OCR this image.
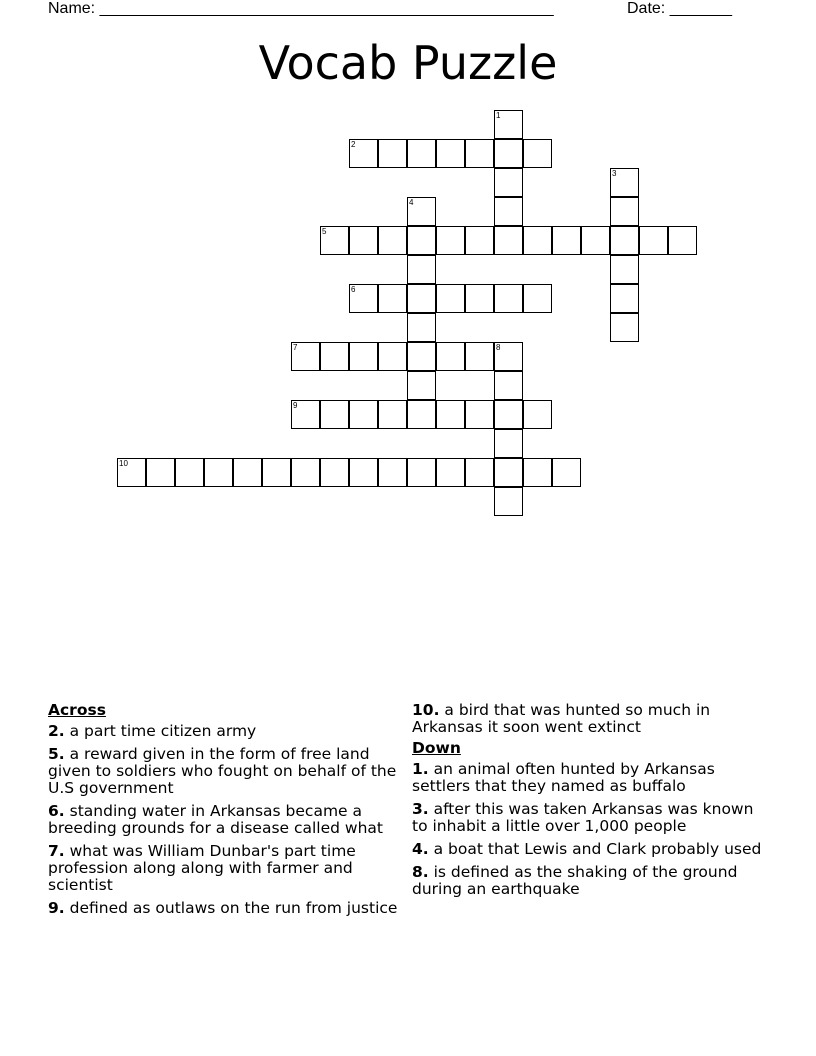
Name: ______________________________________________________	Date: _______
Vocab Puzzle
1
2
3
4
5
6
7	8
9
10
Across
2. a part time citizen army
5. a reward given in the form of free land given to soldiers who fought on behalf of the U.S government
6. standing water in Arkansas became a breeding grounds for a disease called what
7. what was William Dunbar's part time profession along along with farmer and scientist
9. defined as outlaws on the run from justice
10. a bird that was hunted so much in Arkansas it soon went extinct
Down
1. an animal often hunted by Arkansas settlers that they named as buffalo
3. after this was taken Arkansas was known to inhabit a little over 1,000 people
4. a boat that Lewis and Clark probably used
8. is defined as the shaking of the ground during an earthquake
